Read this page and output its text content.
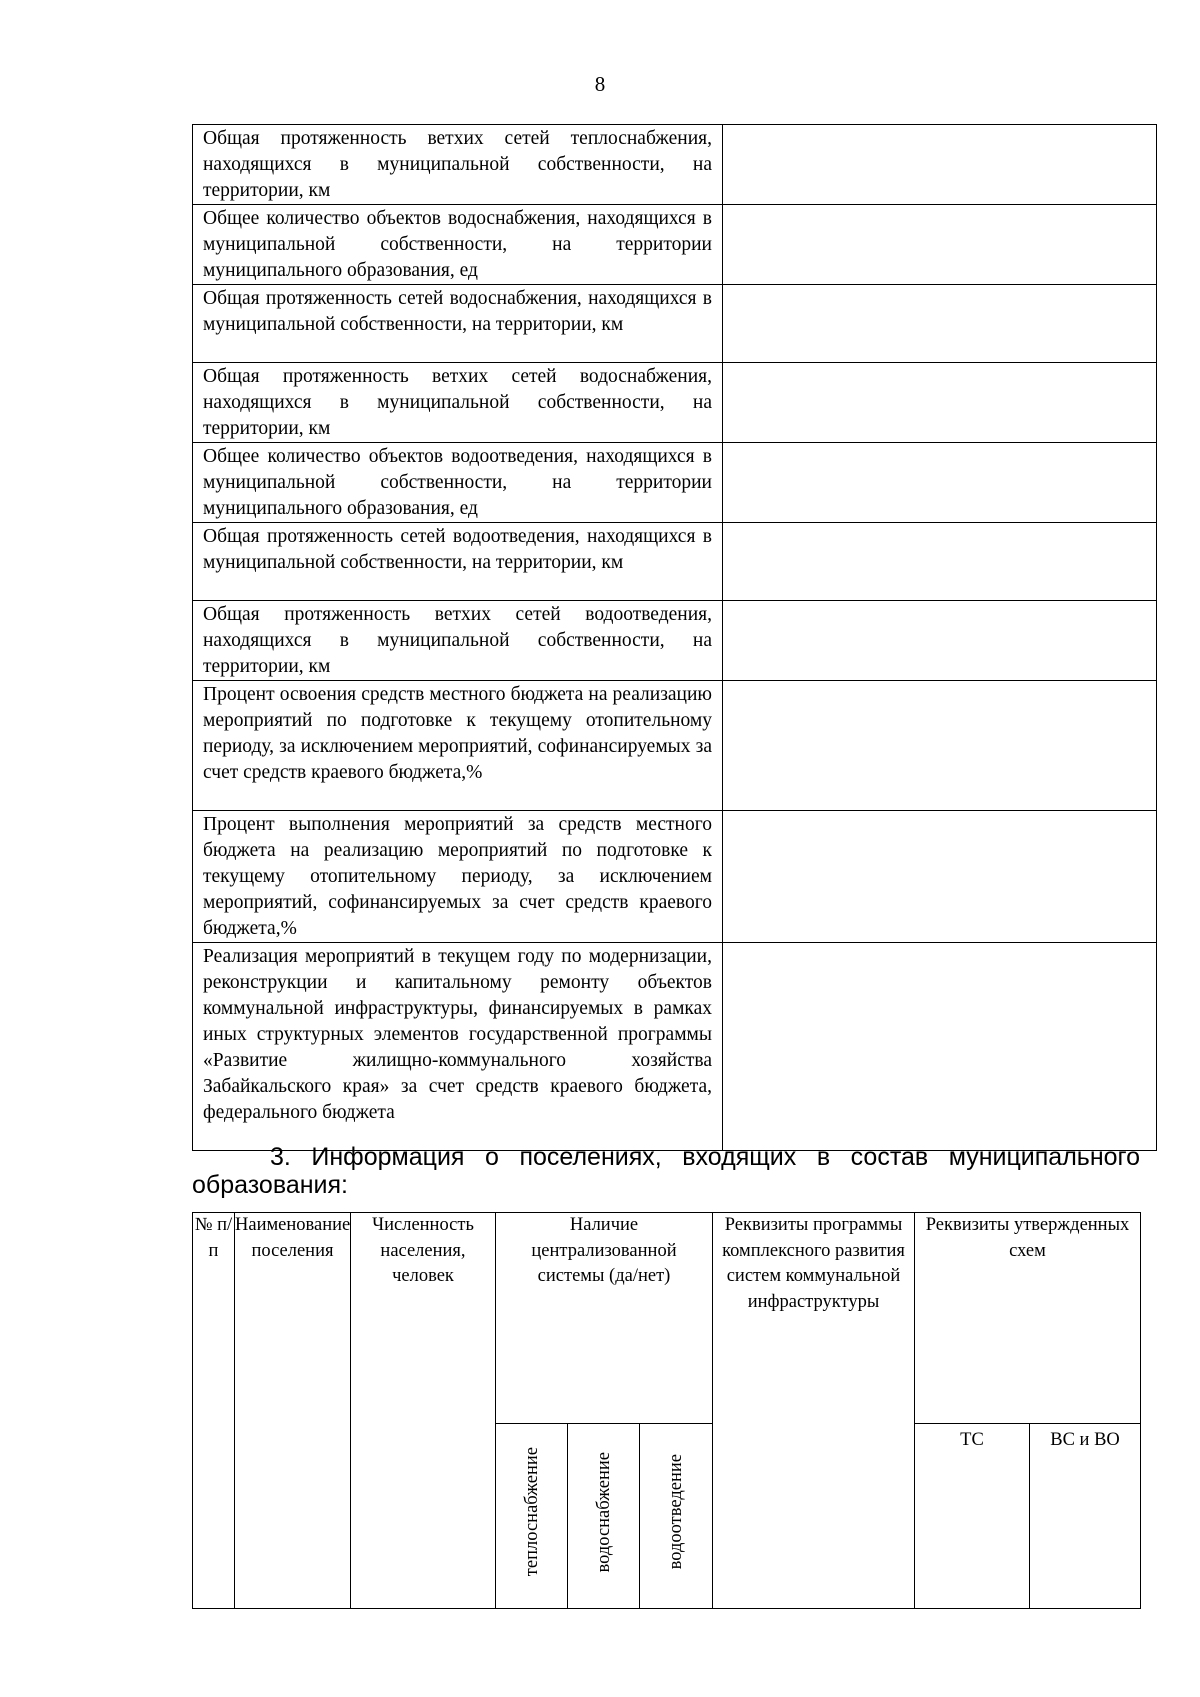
8
Общая протяженность ветхих сетей теплоснабжения, находящихся в муниципальной собственности, на территории, км	
Общее количество объектов водоснабжения, находящихся в муниципальной собственности, на территории муниципального образования, ед	
Общая протяженность сетей водоснабжения, находящихся в муниципальной собственности, на территории, км	
Общая протяженность ветхих сетей водоснабжения, находящихся в муниципальной собственности, на территории, км	
Общее количество объектов водоотведения, находящихся в муниципальной собственности, на территории муниципального образования, ед	
Общая протяженность сетей водоотведения, находящихся в муниципальной собственности, на территории, км	
Общая протяженность ветхих сетей водоотведения, находящихся в муниципальной собственности, на территории, км	
Процент освоения средств местного бюджета на реализацию мероприятий по подготовке к текущему отопительному периоду, за исключением мероприятий, софинансируемых за счет средств краевого бюджета,%	
Процент выполнения мероприятий за средств местного бюджета на реализацию мероприятий по подготовке к текущему отопительному периоду, за исключением мероприятий, софинансируемых за счет средств краевого бюджета,%	
Реализация мероприятий в текущем году по модернизации, реконструкции и капитальному ремонту объектов коммунальной инфраструктуры, финансируемых в рамках иных структурных элементов государственной программы «Развитие жилищно-коммунального хозяйства Забайкальского края» за счет средств краевого бюджета, федерального бюджета	
3. Информация о поселениях, входящих в состав муниципального образования:
№ п/п	Наименование поселения	Численность населения, человек	Наличие централизованной системы (да/нет)			Реквизиты программы комплексного развития систем коммунальной инфраструктуры	Реквизиты утвержденных схем	
			теплоснабжение	водоснабжение	водоотведение		ТС	ВС и ВО
